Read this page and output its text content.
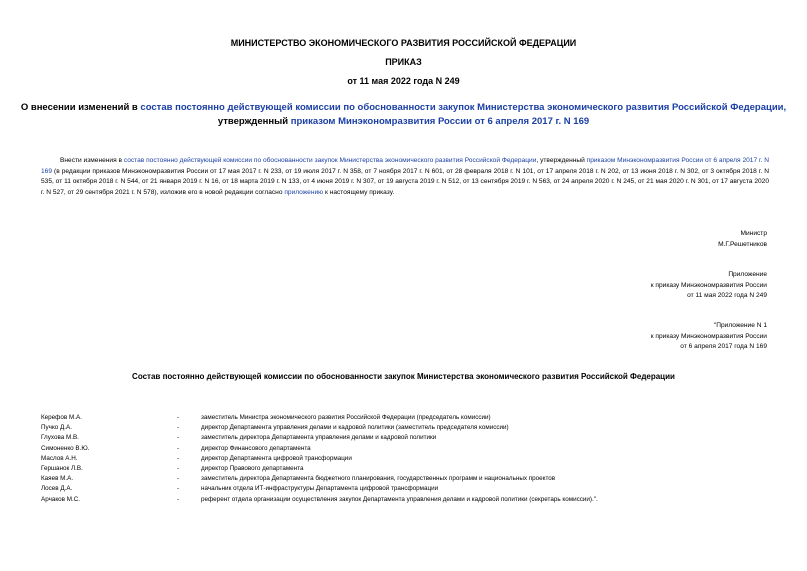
МИНИСТЕРСТВО ЭКОНОМИЧЕСКОГО РАЗВИТИЯ РОССИЙСКОЙ ФЕДЕРАЦИИ
ПРИКАЗ
от 11 мая 2022 года N 249
О внесении изменений в состав постоянно действующей комиссии по обоснованности закупок Министерства экономического развития Российской Федерации,
утвержденный приказом Минэкономразвития России от 6 апреля 2017 г. N 169
Внести изменения в состав постоянно действующей комиссии по обоснованности закупок Министерства экономического развития Российской Федерации, утвержденный приказом Минэкономразвития России от 6 апреля 2017 г. N 169 (в редакции приказов Минэкономразвития России от 17 мая 2017 г. N 233, от 19 июля 2017 г. N 358, от 7 ноября 2017 г. N 601, от 28 февраля 2018 г. N 101, от 17 апреля 2018 г. N 202, от 13 июня 2018 г. N 302, от 3 октября 2018 г. N 535, от 11 октября 2018 г. N 544, от 21 января 2019 г. N 16, от 18 марта 2019 г. N 133, от 4 июня 2019 г. N 307, от 19 августа 2019 г. N 512, от 13 сентября 2019 г. N 563, от 24 апреля 2020 г. N 245, от 21 мая 2020 г. N 301, от 17 августа 2020 г. N 527, от 29 сентября 2021 г. N 578), изложив его в новой редакции согласно приложению к настоящему приказу.
Министр
М.Г.Решетников
Приложение
к приказу Минэкономразвития России
от 11 мая 2022 года N 249
"Приложение N 1
к приказу Минэкономразвития России
от 6 апреля 2017 года N 169
Состав постоянно действующей комиссии по обоснованности закупок Министерства экономического развития Российской Федерации
Керефов М.А.	-	заместитель Министра экономического развития Российской Федерации (председатель комиссии)
Пучко Д.А.	-	директор Департамента управления делами и кадровой политики (заместитель председателя комиссии)
Глухова М.В.	-	заместитель директора Департамента управления делами и кадровой политики
Симоненко В.Ю.	-	директор Финансового департамента
Маслов А.Н.	-	директор Департамента цифровой трансформации
Гершанок Л.В.	-	директор Правового департамента
Каяев М.А.	-	заместитель директора Департамента бюджетного планирования, государственных программ и национальных проектов
Лосев Д.А.	-	начальник отдела ИТ-инфраструктуры Департамента цифровой трансформации
Арчаков М.С.	-	референт отдела организации осуществления закупок Департамента управления делами и кадровой политики (секретарь комиссии).".
